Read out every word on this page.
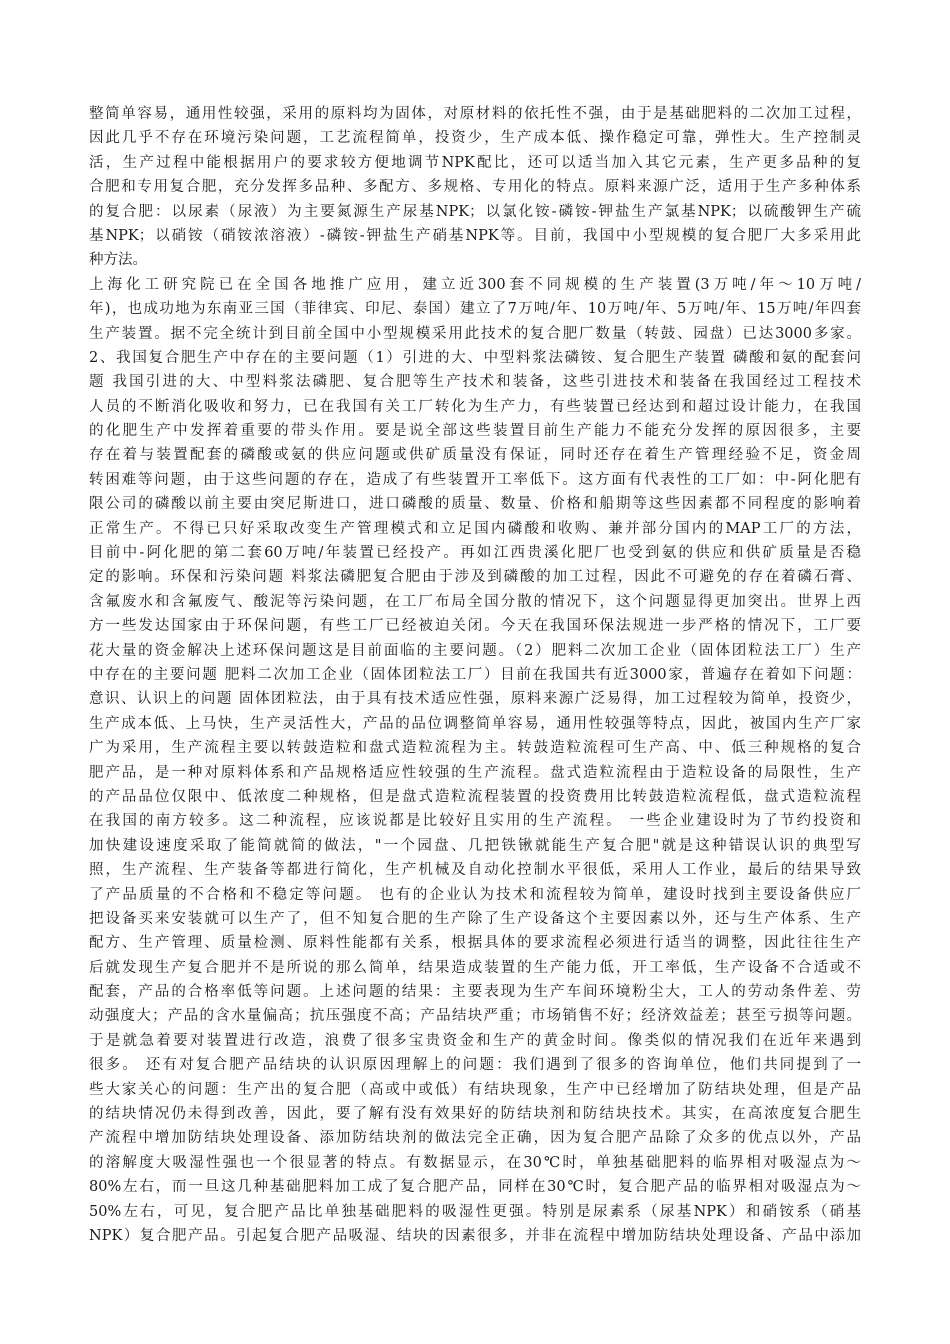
整简单容易，通用性较强，采用的原料均为固体，对原材料的依托性不强，由于是基础肥料的二次加工过程，
因此几乎不存在环境污染问题，工艺流程简单，投资少，生产成本低、操作稳定可靠，弹性大。生产控制灵
活，生产过程中能根据用户的要求较方便地调节NPK配比，还可以适当加入其它元素，生产更多品种的复
合肥和专用复合肥，充分发挥多品种、多配方、多规格、专用化的特点。原料来源广泛，适用于生产多种体系
的复合肥：以尿素（尿液）为主要氮源生产尿基NPK；以氯化铵-磷铵-钾盐生产氯基NPK；以硫酸钾生产硫
基NPK；以硝铵（硝铵浓溶液）-磷铵-钾盐生产硝基NPK等。目前，我国中小型规模的复合肥厂大多采用此
种方法。
上海化工研究院已在全国各地推广应用，建立近300套不同规模的生产装置(3万吨/年～10万吨/
年)，也成功地为东南亚三国（菲律宾、印尼、泰国）建立了7万吨/年、10万吨/年、5万吨/年、15万吨/年四套
生产装置。据不完全统计到目前全国中小型规模采用此技术的复合肥厂数量（转鼓、园盘）已达3000多家。
2、我国复合肥生产中存在的主要问题（1）引进的大、中型料浆法磷铵、复合肥生产装置 磷酸和氨的配套问
题 我国引进的大、中型料浆法磷肥、复合肥等生产技术和装备，这些引进技术和装备在我国经过工程技术
人员的不断消化吸收和努力，已在我国有关工厂转化为生产力，有些装置已经达到和超过设计能力，在我国
的化肥生产中发挥着重要的带头作用。要是说全部这些装置目前生产能力不能充分发挥的原因很多，主要
存在着与装置配套的磷酸或氨的供应问题或供矿质量没有保证，同时还存在着生产管理经验不足，资金周
转困难等问题，由于这些问题的存在，造成了有些装置开工率低下。这方面有代表性的工厂如：中-阿化肥有
限公司的磷酸以前主要由突尼斯进口，进口磷酸的质量、数量、价格和船期等这些因素都不同程度的影响着
正常生产。不得已只好采取改变生产管理模式和立足国内磷酸和收购、兼并部分国内的MAP工厂的方法，
目前中-阿化肥的第二套60万吨/年装置已经投产。再如江西贵溪化肥厂也受到氨的供应和供矿质量是否稳
定的影响。环保和污染问题 料浆法磷肥复合肥由于涉及到磷酸的加工过程，因此不可避免的存在着磷石膏、
含氟废水和含氟废气、酸泥等污染问题，在工厂布局全国分散的情况下，这个问题显得更加突出。世界上西
方一些发达国家由于环保问题，有些工厂已经被迫关闭。今天在我国环保法规进一步严格的情况下，工厂要
花大量的资金解决上述环保问题这是目前面临的主要问题。（2）肥料二次加工企业（固体团粒法工厂）生产
中存在的主要问题 肥料二次加工企业（固体团粒法工厂）目前在我国共有近3000家，普遍存在着如下问题：
意识、认识上的问题 固体团粒法，由于具有技术适应性强，原料来源广泛易得，加工过程较为简单，投资少，
生产成本低、上马快，生产灵活性大，产品的品位调整简单容易，通用性较强等特点，因此，被国内生产厂家
广为采用，生产流程主要以转鼓造粒和盘式造粒流程为主。转鼓造粒流程可生产高、中、低三种规格的复合
肥产品，是一种对原料体系和产品规格适应性较强的生产流程。盘式造粒流程由于造粒设备的局限性，生产
的产品品位仅限中、低浓度二种规格，但是盘式造粒流程装置的投资费用比转鼓造粒流程低，盘式造粒流程
在我国的南方较多。这二种流程，应该说都是比较好且实用的生产流程。 一些企业建设时为了节约投资和
加快建设速度采取了能简就简的做法，"一个园盘、几把铁锹就能生产复合肥"就是这种错误认识的典型写
照，生产流程、生产装备等都进行简化，生产机械及自动化控制水平很低，采用人工作业，最后的结果导致
了产品质量的不合格和不稳定等问题。 也有的企业认为技术和流程较为简单，建设时找到主要设备供应厂
把设备买来安装就可以生产了，但不知复合肥的生产除了生产设备这个主要因素以外，还与生产体系、生产
配方、生产管理、质量检测、原料性能都有关系，根据具体的要求流程必须进行适当的调整，因此往往生产
后就发现生产复合肥并不是所说的那么简单，结果造成装置的生产能力低，开工率低，生产设备不合适或不
配套，产品的合格率低等问题。上述问题的结果：主要表现为生产车间环境粉尘大，工人的劳动条件差、劳
动强度大；产品的含水量偏高；抗压强度不高；产品结块严重；市场销售不好；经济效益差；甚至亏损等问题。
于是就急着要对装置进行改造，浪费了很多宝贵资金和生产的黄金时间。像类似的情况我们在近年来遇到
很多。 还有对复合肥产品结块的认识原因理解上的问题：我们遇到了很多的咨询单位，他们共同提到了一
些大家关心的问题：生产出的复合肥（高或中或低）有结块现象，生产中已经增加了防结块处理，但是产品
的结块情况仍未得到改善，因此，要了解有没有效果好的防结块剂和防结块技术。其实，在高浓度复合肥生
产流程中增加防结块处理设备、添加防结块剂的做法完全正确，因为复合肥产品除了众多的优点以外，产品
的溶解度大吸湿性强也一个很显著的特点。有数据显示，在30℃时，单独基础肥料的临界相对吸湿点为～
80%左右，而一旦这几种基础肥料加工成了复合肥产品，同样在30℃时，复合肥产品的临界相对吸湿点为～
50%左右，可见，复合肥产品比单独基础肥料的吸湿性更强。特别是尿素系（尿基NPK）和硝铵系（硝基
NPK）复合肥产品。引起复合肥产品吸湿、结块的因素很多，并非在流程中增加防结块处理设备、产品中添加
